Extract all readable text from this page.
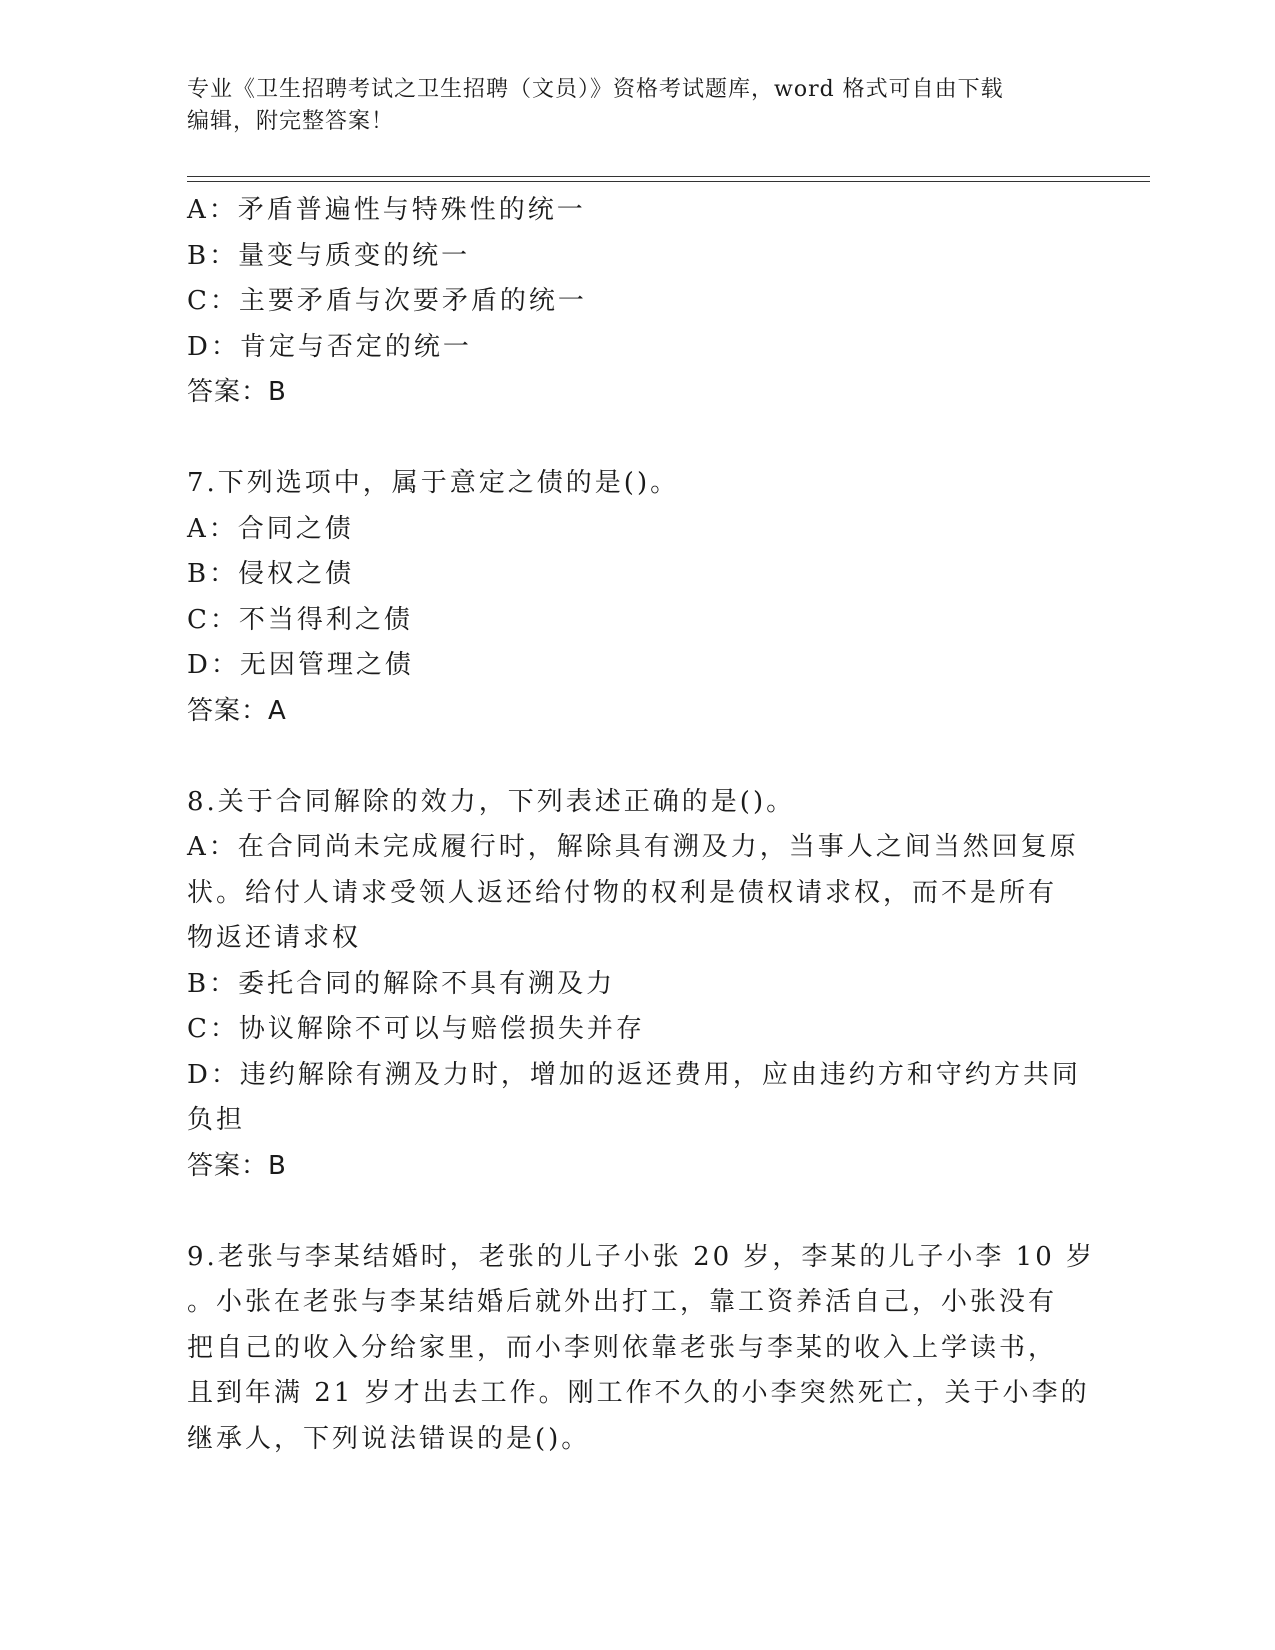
专业《卫生招聘考试之卫生招聘（文员）》资格考试题库，word 格式可自由下载
编辑，附完整答案！
A：矛盾普遍性与特殊性的统一
B：量变与质变的统一
C：主要矛盾与次要矛盾的统一
D：肯定与否定的统一
答案：B
7.下列选项中，属于意定之债的是()。
A：合同之债
B：侵权之债
C：不当得利之债
D：无因管理之债
答案：A
8.关于合同解除的效力，下列表述正确的是()。
A：在合同尚未完成履行时，解除具有溯及力，当事人之间当然回复原
状。给付人请求受领人返还给付物的权利是债权请求权，而不是所有
物返还请求权
B：委托合同的解除不具有溯及力
C：协议解除不可以与赔偿损失并存
D：违约解除有溯及力时，增加的返还费用，应由违约方和守约方共同
负担
答案：B
9.老张与李某结婚时，老张的儿子小张 20 岁，李某的儿子小李 10 岁
。小张在老张与李某结婚后就外出打工，靠工资养活自己，小张没有
把自己的收入分给家里，而小李则依靠老张与李某的收入上学读书，
且到年满 21 岁才出去工作。刚工作不久的小李突然死亡，关于小李的
继承人，下列说法错误的是()。
